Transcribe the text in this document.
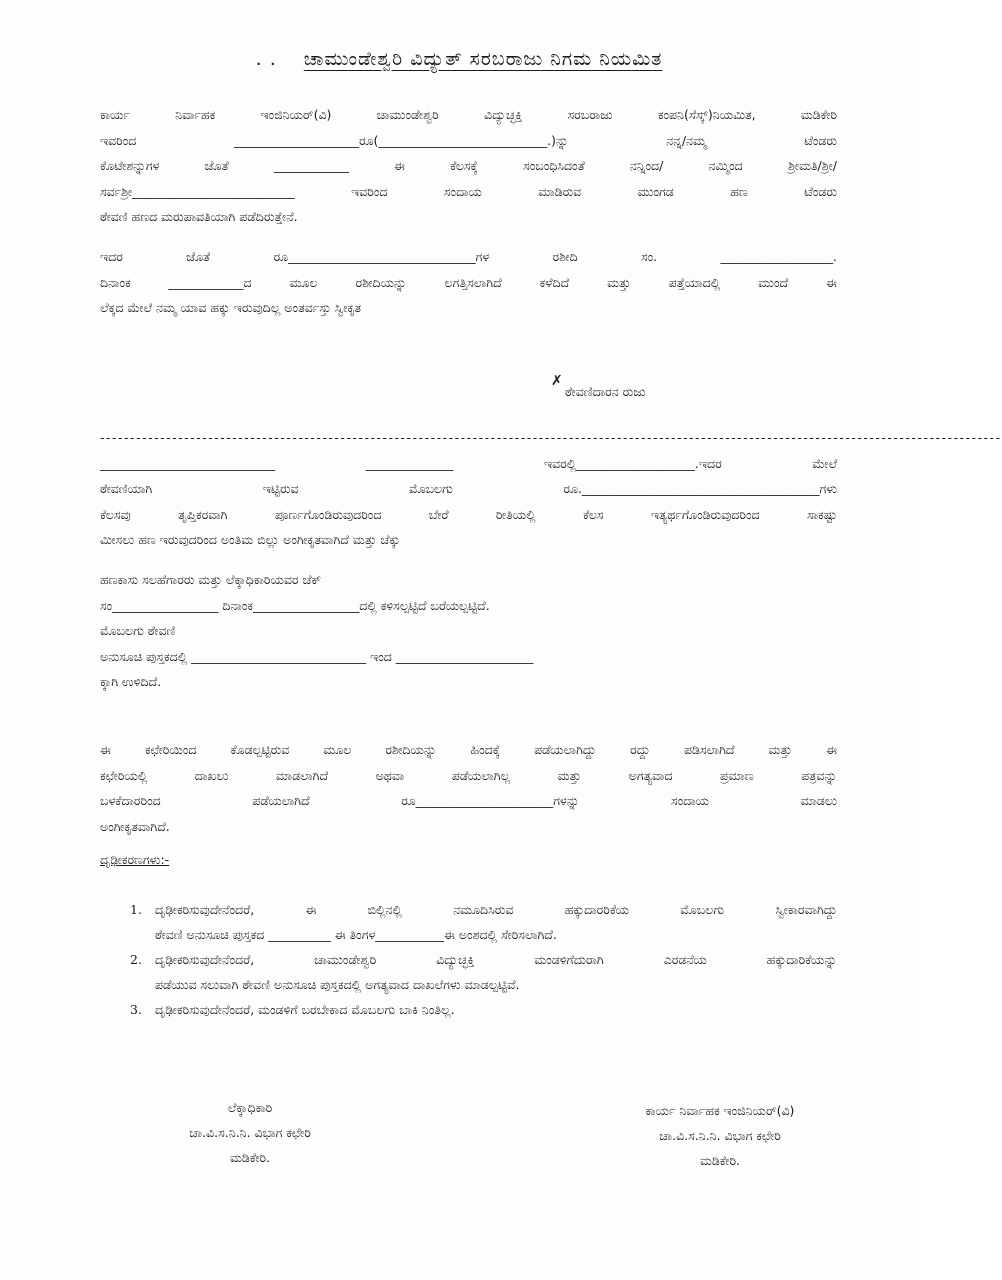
. . ಚಾಮುಂಡೇಶ್ವರಿ ವಿದ್ಯುತ್ ಸರಬರಾಜು ನಿಗಮ ನಿಯಮಿತ
ಕಾರ್ಯ	ನಿರ್ವಾಹಕ	ಇಂಜಿನಿಯರ್(ವಿ)	ಚಾಮುಂಡೇಶ್ವರಿ	ವಿದ್ಯುಚ್ಛಕ್ತಿ	ಸರಬರಾಜು	ಕಂಪನಿ(ಸೆಸ್ಕ್)ನಿಯಮಿತ,	ಮಡಿಕೇರಿ
ಇವರಿಂದ	____________________ರೂ(___________________________.)ನ್ನು	ನನ್ನ/ನಮ್ಮ	ಟೆಂಡರು
ಕೊಟೇಶನ್ನುಗಳ	ಜೊತೆ	____________	ಈ	ಕೆಲಸಕ್ಕೆ	ಸಂಬಂಧಿಸಿದಂತೆ	ನನ್ನಿಂದ/	ನಮ್ಮಿಂದ	ಶ್ರೀಮತಿ/ಶ್ರೀ/
ಸರ್ವಶ್ರೀ__________________________	ಇವರಿಂದ	ಸಂದಾಯ	ಮಾಡಿರುವ	ಮುಂಗಡ	ಹಣ	ಟೆಂಡರು
ಠೇವಣಿ ಹಣದ ಮರುಪಾವತಿಯಾಗಿ ಪಡೆದಿರುತ್ತೇನೆ.
ಇದರ	ಜೊತೆ	ರೂ______________________________ಗಳ	ರಶೀದಿ	ಸಂ.	__________________.
ದಿನಾಂಕ	____________ದ	ಮೂಲ	ರಶೀದಿಯನ್ನು	ಲಗತ್ತಿಸಲಾಗಿದೆ	ಕಳೆದಿದೆ	ಮತ್ತು	ಪತ್ತೆಯಾದಲ್ಲಿ	ಮುಂದೆ	ಈ
ಲೆಕ್ಕದ ಮೇಲೆ ನಮ್ಮ ಯಾವ ಹಕ್ಕು ಇರುವುದಿಲ್ಲ ಅಂತರ್ವಸ್ತು ಸ್ವೀಕೃತ
✗
ಠೇವಣಿದಾರನ ರುಜು
------------------------------------------------------------------------------------------------------------------------------------------------------
____________________________	______________	ಇವರಲ್ಲಿ___________________.ಇದರ	ಮೇಲೆ
ಠೇವಣಿಯಾಗಿ	ಇಟ್ಟಿರುವ	ಮೊಬಲಗು	ರೂ.______________________________________ಗಳು
ಕೆಲಸವು	ತೃಪ್ತಿಕರವಾಗಿ	ಪೂರ್ಣಗೊಂಡಿರುವುದರಿಂದ	ಬೇರೆ	ರೀತಿಯಲ್ಲಿ	ಕೆಲಸ	ಇತ್ಯರ್ಥಗೊಂಡಿರುವುದರಿಂದ	ಸಾಕಷ್ಟು
ಮೀಸಲು ಹಣ ಇರುವುದರಿಂದ ಅಂತಿಮ ಬಿಲ್ಲು ಅಂಗೀಕೃತವಾಗಿದೆ ಮತ್ತು ಚೆಕ್ಕು
ಹಣಕಾಸು ಸಲಹೆಗಾರರು ಮತ್ತು ಲೆಕ್ಕಾಧಿಕಾರಿಯವರ ಚೆಕ್
ಸಂ_________________ ದಿನಾಂಕ_________________ದಲ್ಲಿ ಕಳಿಸಲ್ಪಟ್ಟಿದೆ ಬರೆಯಲ್ಪಟ್ಟಿದೆ.
ಮೊಬಲಗು ಠೇವಣಿ
ಅನುಸೂಚಿ ಪುಸ್ತಕದಲ್ಲಿ ____________________________ ಇಂದ ______________________
ಕ್ಕಾಗಿ ಉಳಿದಿದೆ.
ಈ	ಕಛೇರಿಯಿಂದ	ಕೊಡಲ್ಪಟ್ಟಿರುವ	ಮೂಲ	ರಶೀದಿಯನ್ನು	ಹಿಂದಕ್ಕೆ	ಪಡೆಯಲಾಗಿದ್ದು	ರದ್ದು	ಪಡಿಸಲಾಗಿದೆ	ಮತ್ತು	ಈ
ಕಛೇರಿಯಲ್ಲಿ	ದಾಖಲು	ಮಾಡಲಾಗಿದೆ	ಅಥವಾ	ಪಡೆಯಲಾಗಿಲ್ಲ	ಮತ್ತು	ಅಗತ್ಯವಾದ	ಪ್ರಮಾಣ	ಪತ್ರವನ್ನು
ಬಳಕೆದಾರರಿಂದ	ಪಡೆಯಲಾಗಿದೆ	ರೂ______________________ಗಳನ್ನು	ಸಂದಾಯ	ಮಾಡಲು
ಅಂಗೀಕೃತವಾಗಿದೆ.
ದೃಢೀಕರಣಗಳು:-
1.	ದೃಢೀಕರಿಸುವುದೇನೆಂದರೆ,	ಈ	ಬಿಲ್ಲಿನಲ್ಲಿ	ನಮೂದಿಸಿರುವ	ಹಕ್ಕುದಾರರಿಕೆಯ	ಮೊಬಲಗು	ಸ್ವೀಕಾರವಾಗಿದ್ದು
ಠೇವಣಿ ಅನುಸೂಚಿ ಪುಸ್ತಕದ __________ ಈ ತಿಂಗಳ___________ಈ ಅಂಶದಲ್ಲಿ ಸೇರಿಸಲಾಗಿದೆ.
2.	ದೃಢೀಕರಿಸುವುದೇನೆಂದರೆ,	ಚಾಮುಂಡೇಶ್ವರಿ	ವಿದ್ಯುಚ್ಛಕ್ತಿ	ಮಂಡಳಿಗೆದುರಾಗಿ	ಎರಡನೆಯ	ಹಕ್ಕುದಾರಿಕೆಯನ್ನು
ಪಡೆಯುವ ಸಲುವಾಗಿ ಠೇವಣಿ ಅನುಸೂಚಿ ಪುಸ್ತಕದಲ್ಲಿ ಅಗತ್ಯವಾದ ದಾಖಲೆಗಳು ಮಾಡಲ್ಪಟ್ಟಿವೆ.
3.	ದೃಢೀಕರಿಸುವುದೇನೆಂದರೆ, ಮಂಡಳಿಗೆ ಬರಬೇಕಾದ ಮೊಬಲಗು ಬಾಕಿ ನಿಂತಿಲ್ಲ.
ಲೆಕ್ಕಾಧಿಕಾರಿ
ಚಾ.ವಿ.ಸ.ನಿ.ನಿ. ವಿಭಾಗ ಕಛೇರಿ
ಮಡಿಕೇರಿ.
ಕಾರ್ಯ ನಿರ್ವಾಹಕ ಇಂಜಿನಿಯರ್(ವಿ)
ಚಾ.ವಿ.ಸ.ನಿ.ನಿ. ವಿಭಾಗ ಕಛೇರಿ
ಮಡಿಕೇರಿ.
